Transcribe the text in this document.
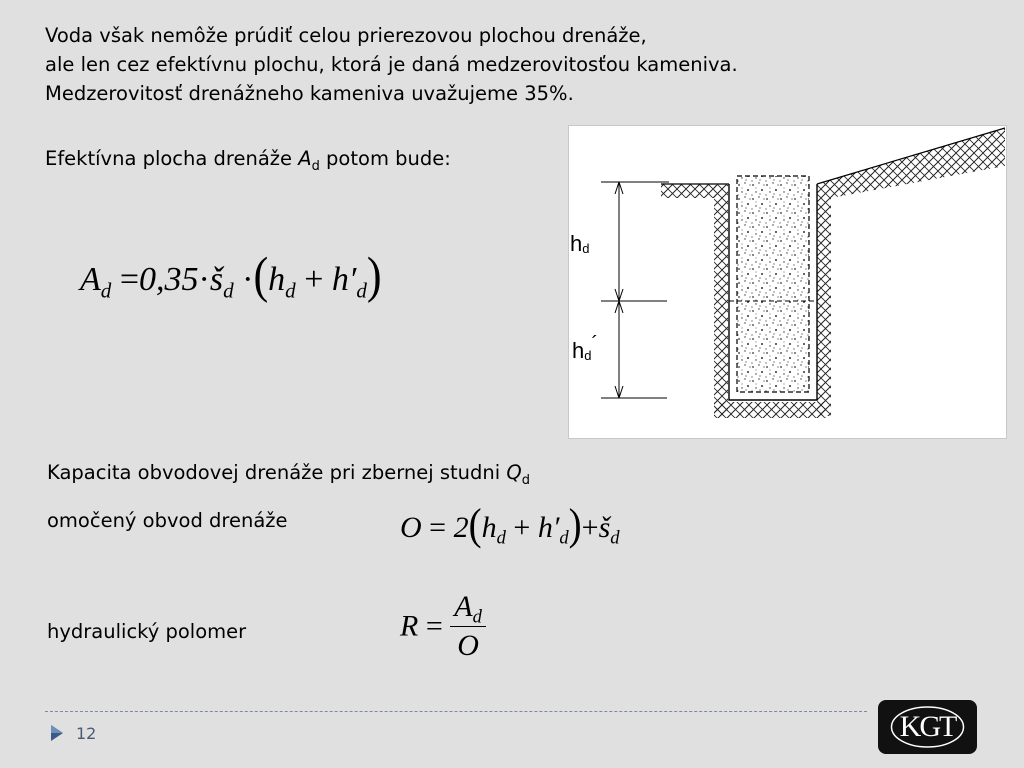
Voda však nemôže prúdiť celou prierezovou plochou drenáže,
ale len cez efektívnu plochu, ktorá je daná medzerovitosťou kameniva.
Medzerovitosť drenážneho kameniva uvažujeme 35%.
Efektívna plocha drenáže $A_d$ potom bude:
$A_d$ $=0,35\cdot š_d \cdot(h_d + h'_d)$
hd
hd´
Kapacita obvodovej drenáže pri zbernej studni $Q_d$
omočený obvod drenáže	$O = 2(h_d$ + $h'_d)+š_d$
hydraulický polomer	$R = \frac{A_d}{O}$
12	KGT
